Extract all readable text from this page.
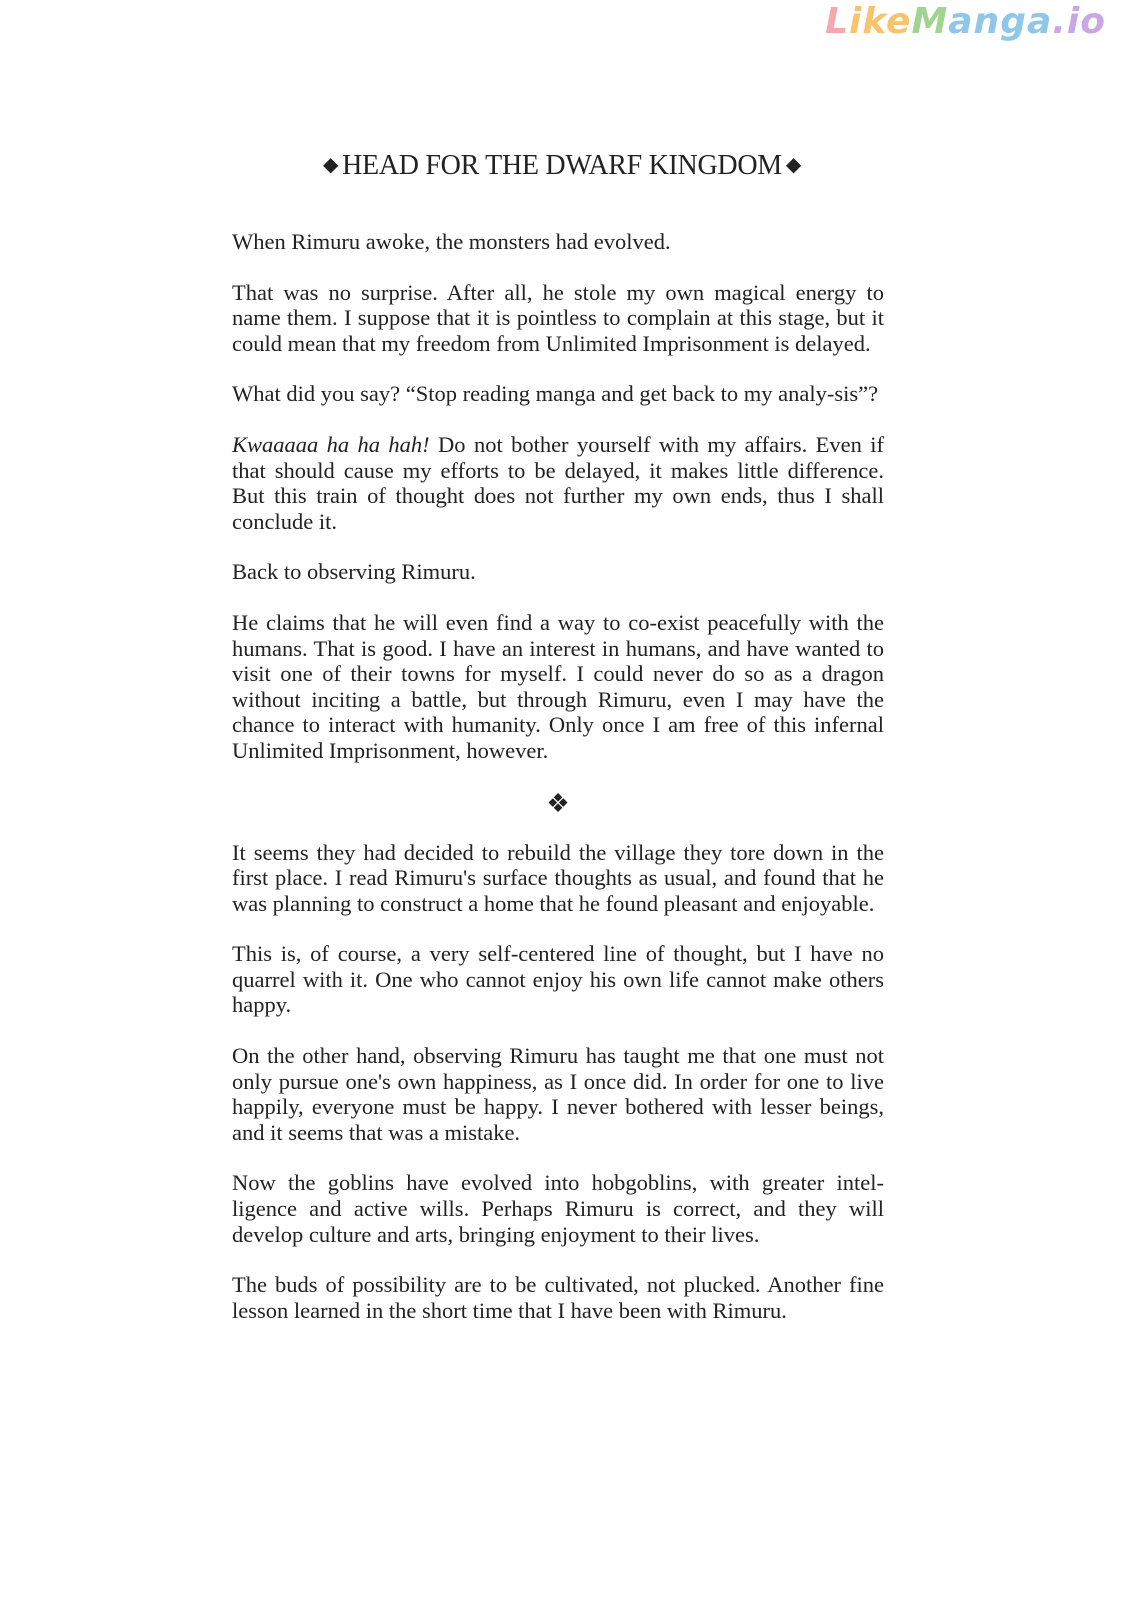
LikeManga.io
◆ HEAD FOR THE DWARF KINGDOM ◆

When Rimuru awoke, the monsters had evolved.

That was no surprise. After all, he stole my own magical energy to name them. I suppose that it is pointless to complain at this stage, but it could mean that my freedom from Unlimited Imprisonment is delayed.

What did you say? “Stop reading manga and get back to my analy-sis”?

Kwaaaaa ha ha hah! Do not bother yourself with my affairs. Even if that should cause my efforts to be delayed, it makes little difference. But this train of thought does not further my own ends, thus I shall conclude it.

Back to observing Rimuru.

He claims that he will even find a way to co-exist peacefully with the humans. That is good. I have an interest in humans, and have wanted to visit one of their towns for myself. I could never do so as a dragon without inciting a battle, but through Rimuru, even I may have the chance to interact with humanity. Only once I am free of this infernal Unlimited Imprisonment, however.

❖

It seems they had decided to rebuild the village they tore down in the first place. I read Rimuru's surface thoughts as usual, and found that he was planning to construct a home that he found pleasant and enjoyable.

This is, of course, a very self-centered line of thought, but I have no quarrel with it. One who cannot enjoy his own life cannot make others happy.

On the other hand, observing Rimuru has taught me that one must not only pursue one's own happiness, as I once did. In order for one to live happily, everyone must be happy. I never bothered with lesser beings, and it seems that was a mistake.

Now the goblins have evolved into hobgoblins, with greater intel-ligence and active wills. Perhaps Rimuru is correct, and they will develop culture and arts, bringing enjoyment to their lives.

The buds of possibility are to be cultivated, not plucked. Another fine lesson learned in the short time that I have been with Rimuru.
